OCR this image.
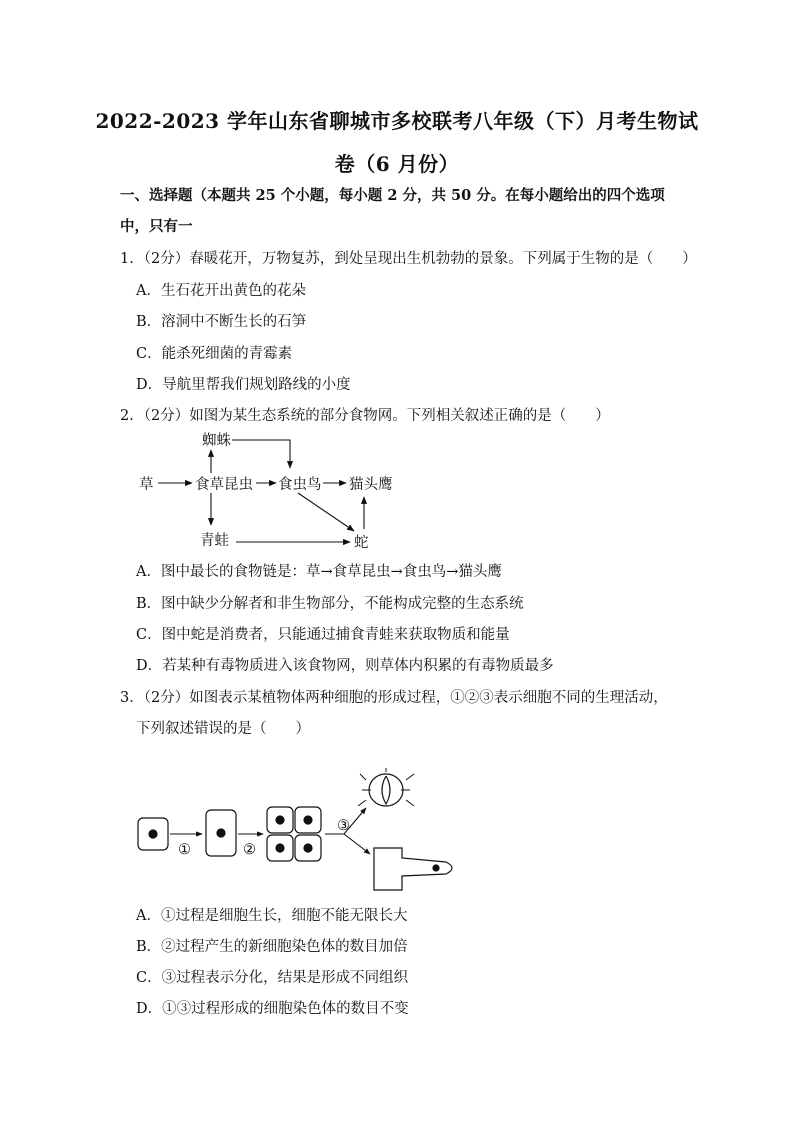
2022-2023 学年山东省聊城市多校联考八年级（下）月考生物试
卷（6 月份）
一、选择题（本题共 25 个小题，每小题 2 分，共 50 分。在每小题给出的四个选项中，只有一
1．（2分）春暖花开，万物复苏，到处呈现出生机勃勃的景象。下列属于生物的是（　　）
A．生石花开出黄色的花朵
B．溶洞中不断生长的石笋
C．能杀死细菌的青霉素
D．导航里帮我们规划路线的小度
2．（2分）如图为某生态系统的部分食物网。下列相关叙述正确的是（　　）
蜘蛛
草	食草昆虫 食虫鸟 猫头鹰
青蛙	蛇
A．图中最长的食物链是：草→食草昆虫→食虫鸟→猫头鹰
B．图中缺少分解者和非生物部分，不能构成完整的生态系统
C．图中蛇是消费者，只能通过捕食青蛙来获取物质和能量
D．若某种有毒物质进入该食物网，则草体内积累的有毒物质最多
3．（2分）如图表示某植物体两种细胞的形成过程，①②③表示细胞不同的生理活动，
下列叙述错误的是（　　）
①	②
③
A．①过程是细胞生长，细胞不能无限长大
B．②过程产生的新细胞染色体的数目加倍
C．③过程表示分化，结果是形成不同组织
D．①③过程形成的细胞染色体的数目不变
